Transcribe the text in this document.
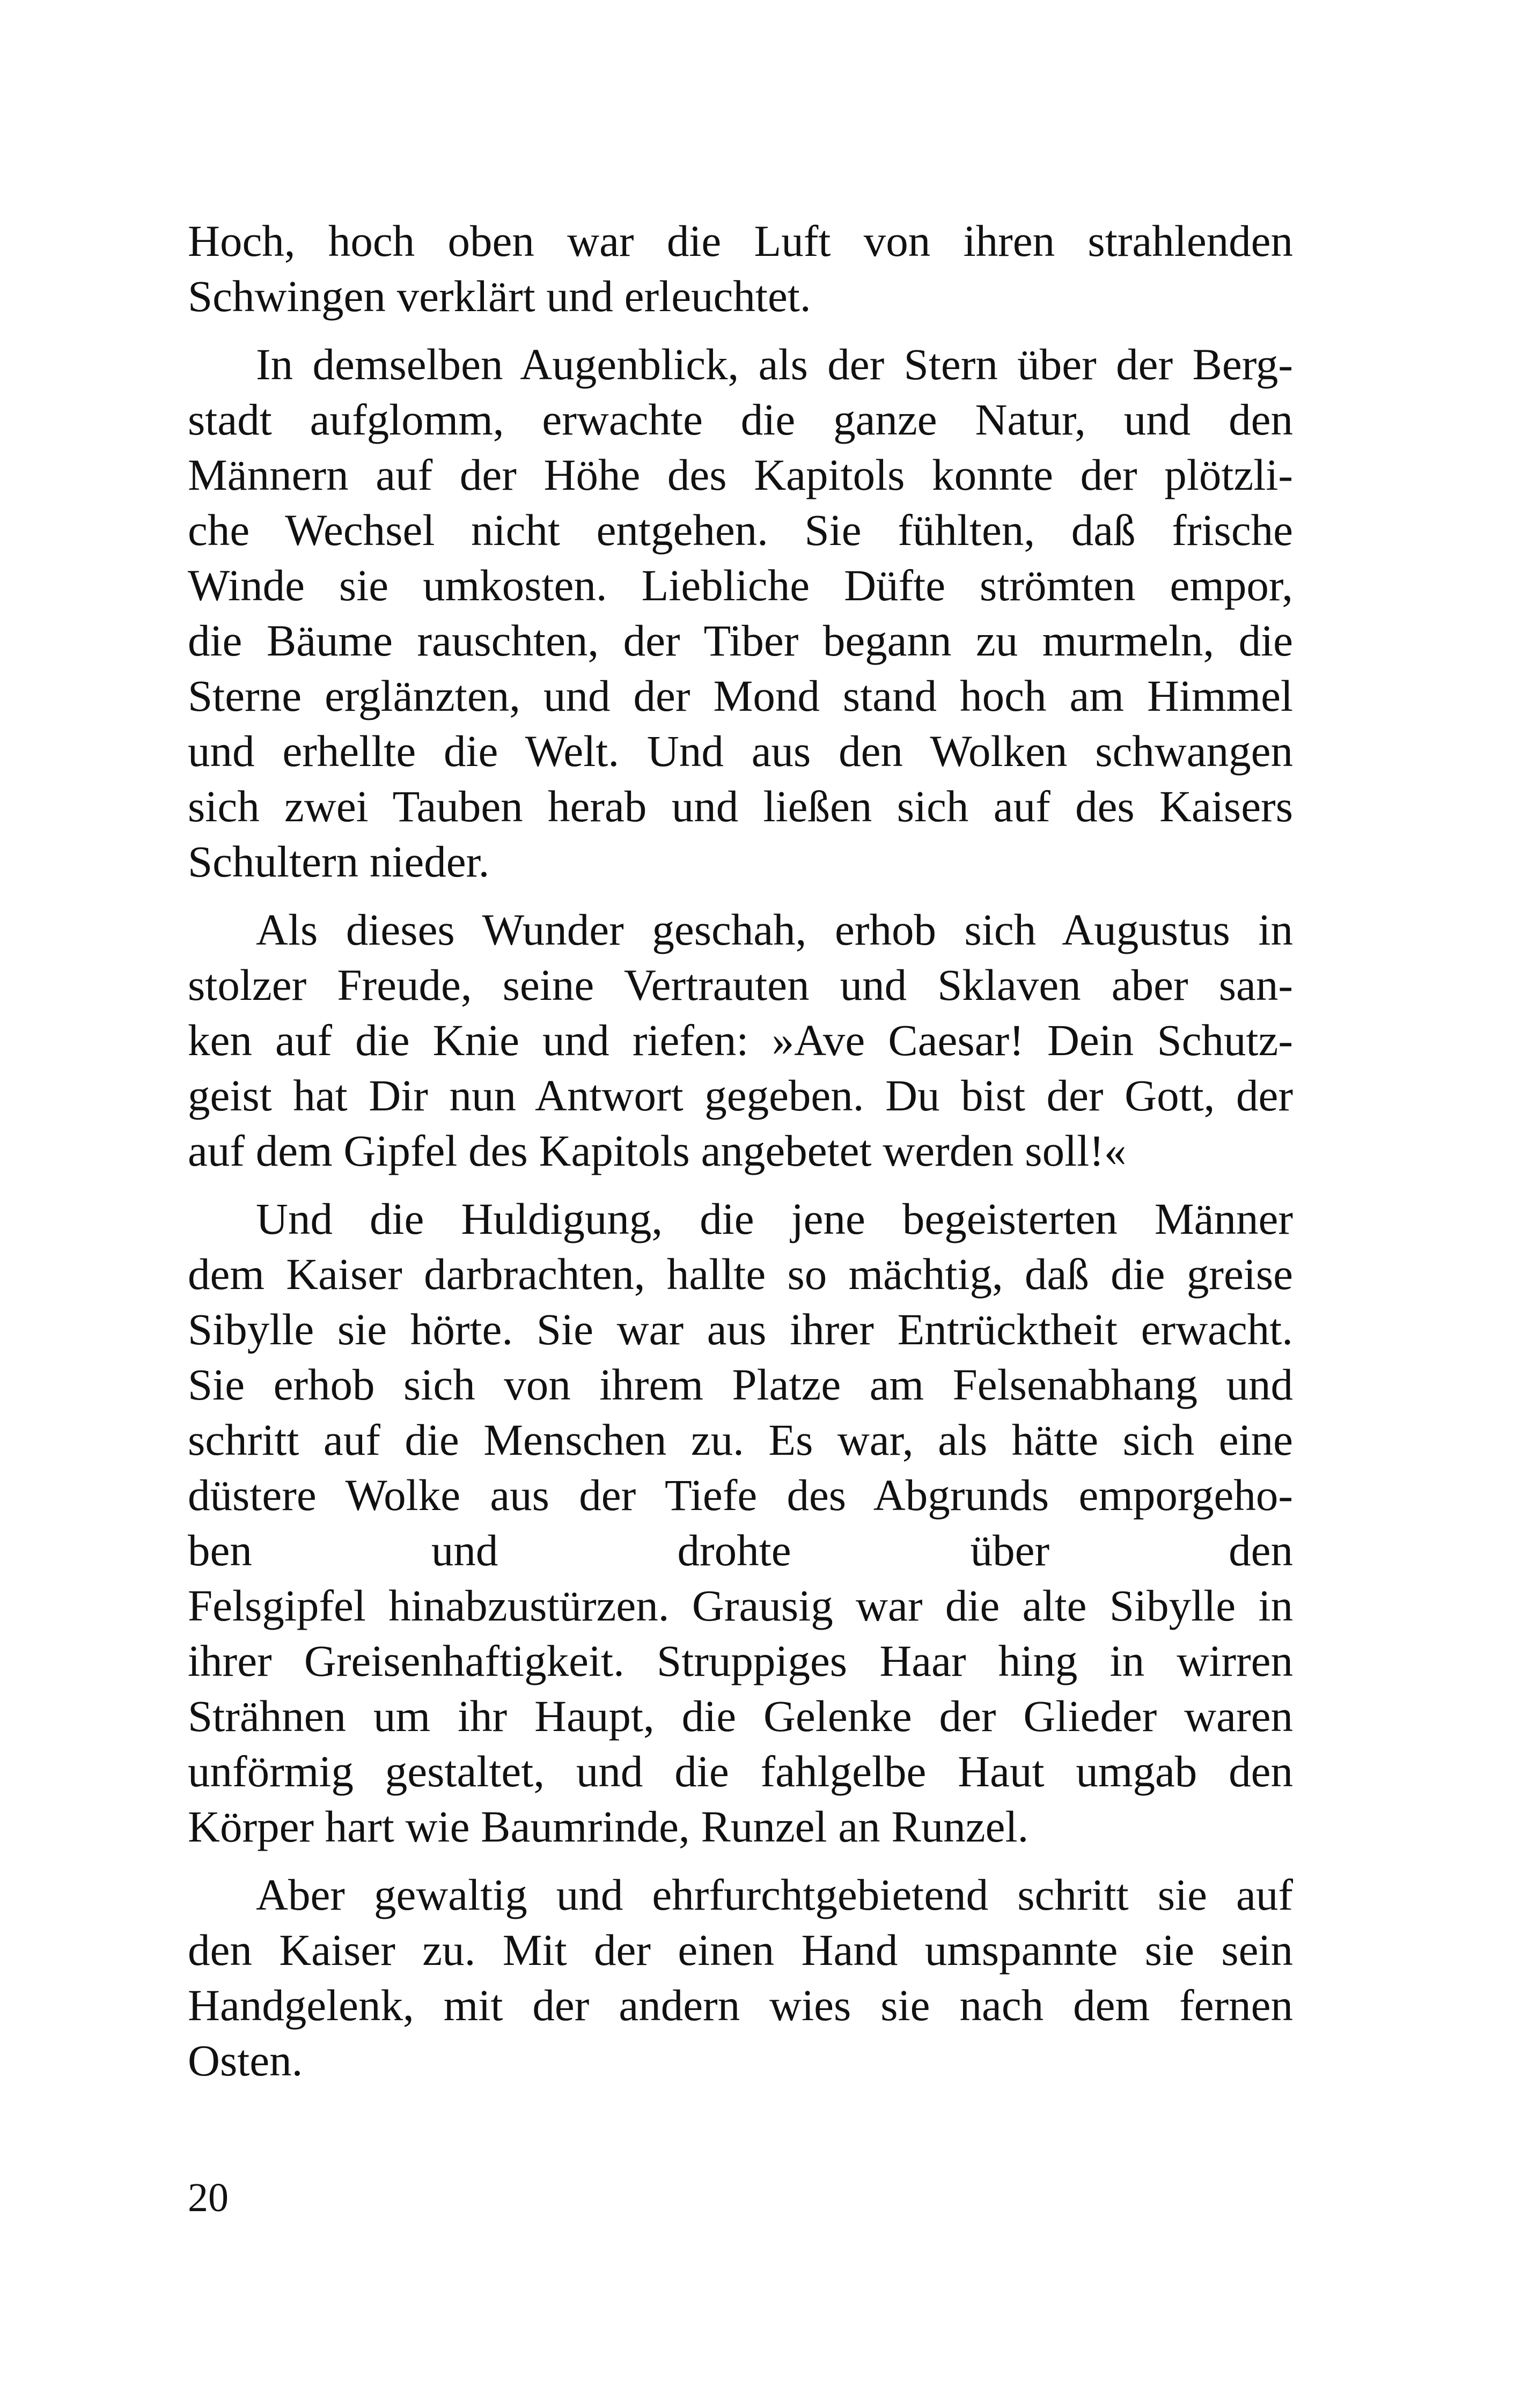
Hoch, hoch oben war die Luft von ihren strahlenden
Schwingen verklärt und erleuchtet.
In demselben Augenblick, als der Stern über der Berg-
stadt aufglomm, erwachte die ganze Natur, und den
Männern auf der Höhe des Kapitols konnte der plötzli-
che Wechsel nicht entgehen. Sie fühlten, daß frische
Winde sie umkosten. Liebliche Düfte strömten empor,
die Bäume rauschten, der Tiber begann zu murmeln, die
Sterne erglänzten, und der Mond stand hoch am Himmel
und erhellte die Welt. Und aus den Wolken schwangen
sich zwei Tauben herab und ließen sich auf des Kaisers
Schultern nieder.
Als dieses Wunder geschah, erhob sich Augustus in
stolzer Freude, seine Vertrauten und Sklaven aber san-
ken auf die Knie und riefen: »Ave Caesar! Dein Schutz-
geist hat Dir nun Antwort gegeben. Du bist der Gott, der
auf dem Gipfel des Kapitols angebetet werden soll!«
Und die Huldigung, die jene begeisterten Männer
dem Kaiser darbrachten, hallte so mächtig, daß die greise
Sibylle sie hörte. Sie war aus ihrer Entrücktheit erwacht.
Sie erhob sich von ihrem Platze am Felsenabhang und
schritt auf die Menschen zu. Es war, als hätte sich eine
düstere Wolke aus der Tiefe des Abgrunds emporgeho-
ben und drohte über den
Felsgipfel hinabzustürzen. Grausig war die alte Sibylle in
ihrer Greisenhaftigkeit. Struppiges Haar hing in wirren
Strähnen um ihr Haupt, die Gelenke der Glieder waren
unförmig gestaltet, und die fahlgelbe Haut umgab den
Körper hart wie Baumrinde, Runzel an Runzel.
Aber gewaltig und ehrfurchtgebietend schritt sie auf
den Kaiser zu. Mit der einen Hand umspannte sie sein
Handgelenk, mit der andern wies sie nach dem fernen
Osten.
20
